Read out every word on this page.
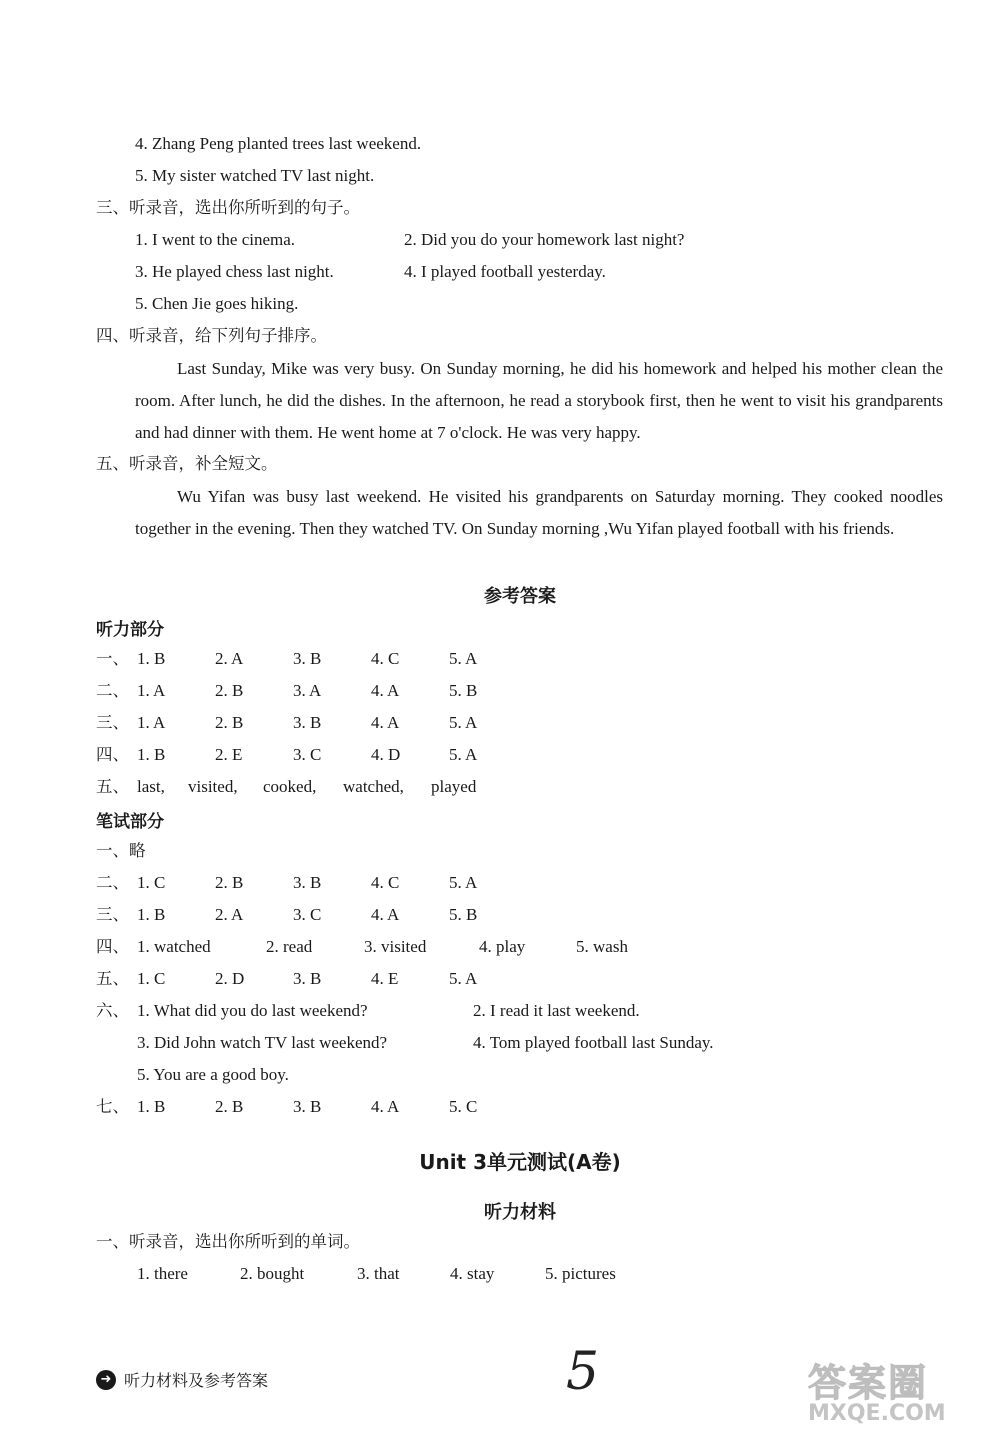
4. Zhang Peng planted trees last weekend.
5. My sister watched TV last night.
三、听录音，选出你所听到的句子。
1. I went to the cinema.	2. Did you do your homework last night?
3. He played chess last night.	4. I played football yesterday.
5. Chen Jie goes hiking.
四、听录音，给下列句子排序。
Last Sunday, Mike was very busy. On Sunday morning, he did his homework and helped his mother clean the room. After lunch, he did the dishes. In the afternoon, he read a storybook first, then he went to visit his grandparents and had dinner with them. He went home at 7 o'clock. He was very happy.
五、听录音，补全短文。
Wu Yifan was busy last weekend. He visited his grandparents on Saturday morning. They cooked noodles together in the evening. Then they watched TV. On Sunday morning ,Wu Yifan played football with his friends.
参考答案
听力部分
一、 1. B	2. A	3. B	4. C	5. A
二、 1. A	2. B	3. A	4. A	5. B
三、 1. A	2. B	3. B	4. A	5. A
四、 1. B	2. E	3. C	4. D	5. A
五、 last, visited, cooked, watched, played
笔试部分
一、略
二、 1. C	2. B	3. B	4. C	5. A
三、 1. B	2. A	3. C	4. A	5. B
四、 1. watched	2. read	3. visited	4. play	5. wash
五、 1. C	2. D	3. B	4. E	5. A
六、 1. What did you do last weekend?	2. I read it last weekend.
3. Did John watch TV last weekend?	4. Tom played football last Sunday.
5. You are a good boy.
七、 1. B	2. B	3. B	4. A	5. C
Unit 3单元测试(A卷)
听力材料
一、听录音，选出你所听到的单词。
1. there	2. bought	3. that	4. stay	5. pictures
➜ 听力材料及参考答案	5	答案圈
MXQE.COM
